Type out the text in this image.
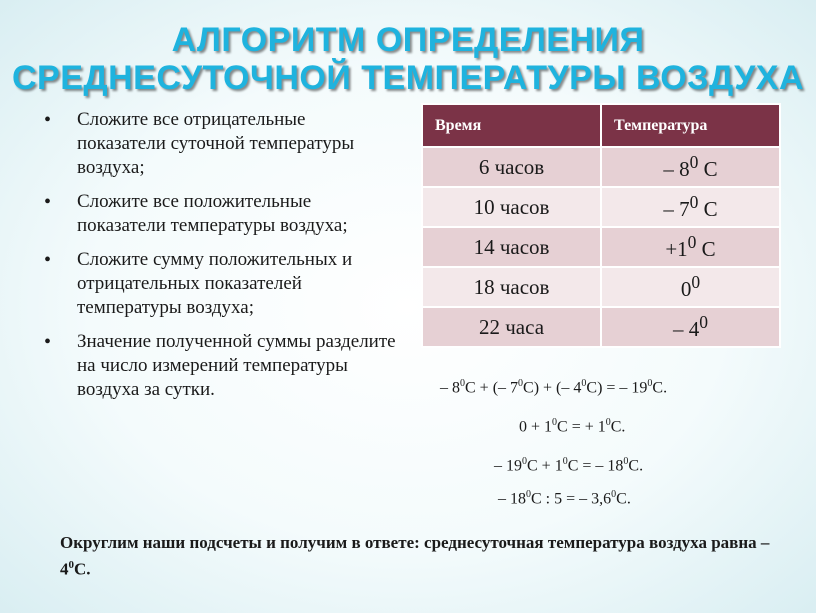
АЛГОРИТМ ОПРЕДЕЛЕНИЯ
СРЕДНЕСУТОЧНОЙ ТЕМПЕРАТУРЫ ВОЗДУХА
• Сложите все отрицательные показатели суточной температуры воздуха;
• Сложите все положительные показатели температуры воздуха;
• Сложите сумму положительных и отрицательных показателей температуры воздуха;
• Значение полученной суммы разделите на число измерений температуры воздуха за сутки.
Время	Температура
6 часов	– $8^0$ С
10 часов	– $7^0$ С
14 часов	$+1^0$ С
18 часов	$0^0$
22 часа	– $4^0$
– $8^0С$ + (– $7^0С$) + (– $4^0С$) = – $19^0С$.
$0 + 1^0С$ = + $1^0С$.
– $19^0С + 1^0С$ = – $18^0С$.
– $18^0С$ : 5 = – $3,6^0С$.
Округлим наши подсчеты и получим в ответе: среднесуточная температура воздуха равна – $4^0С$.
